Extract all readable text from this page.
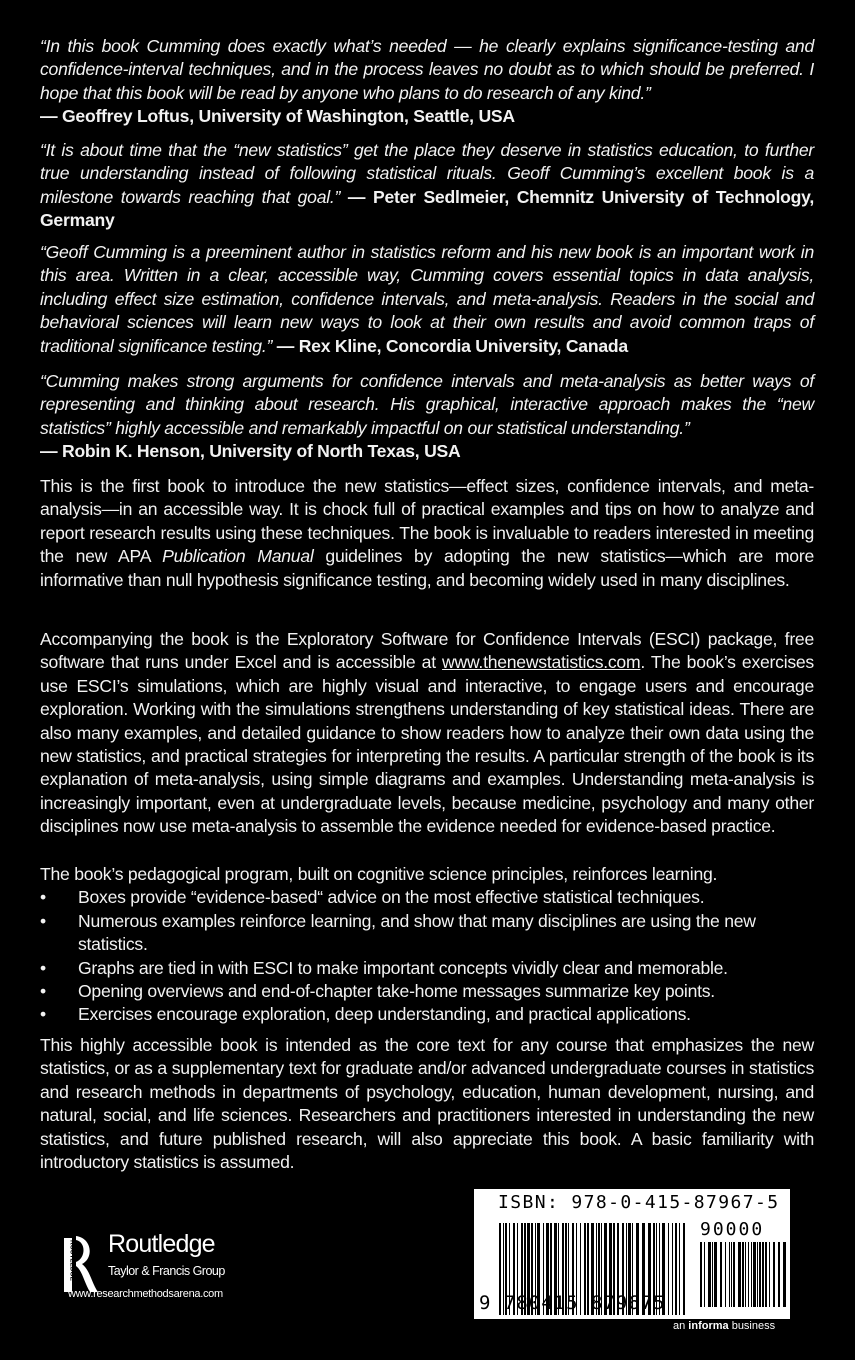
“In this book Cumming does exactly what’s needed — he clearly explains significance-testing and confidence-interval techniques, and in the process leaves no doubt as to which should be preferred. I hope that this book will be read by anyone who plans to do research of any kind.”
— Geoffrey Loftus, University of Washington, Seattle, USA

“It is about time that the “new statistics” get the place they deserve in statistics education, to further true understanding instead of following statistical rituals. Geoff Cumming’s excellent book is a milestone towards reaching that goal.” — Peter Sedlmeier, Chemnitz University of Technology, Germany

“Geoff Cumming is a preeminent author in statistics reform and his new book is an important work in this area. Written in a clear, accessible way, Cumming covers essential topics in data analysis, including effect size estimation, confidence intervals, and meta-analysis. Readers in the social and behavioral sciences will learn new ways to look at their own results and avoid common traps of traditional significance testing.” — Rex Kline, Concordia University, Canada

“Cumming makes strong arguments for confidence intervals and meta-analysis as better ways of representing and thinking about research. His graphical, interactive approach makes the “new statistics” highly accessible and remarkably impactful on our statistical understanding.”
— Robin K. Henson, University of North Texas, USA

This is the first book to introduce the new statistics—effect sizes, confidence intervals, and meta-analysis—in an accessible way. It is chock full of practical examples and tips on how to analyze and report research results using these techniques. The book is invaluable to readers interested in meeting the new APA Publication Manual guidelines by adopting the new statistics—which are more informative than null hypothesis significance testing, and becoming widely used in many disciplines.

Accompanying the book is the Exploratory Software for Confidence Intervals (ESCI) package, free software that runs under Excel and is accessible at www.thenewstatistics.com. The book’s exercises use ESCI’s simulations, which are highly visual and interactive, to engage users and encourage exploration. Working with the simulations strengthens understanding of key statistical ideas. There are also many examples, and detailed guidance to show readers how to analyze their own data using the new statistics, and practical strategies for interpreting the results. A particular strength of the book is its explanation of meta-analysis, using simple diagrams and examples. Understanding meta-analysis is increasingly important, even at undergraduate levels, because medicine, psychology and many other disciplines now use meta-analysis to assemble the evidence needed for evidence-based practice.

The book’s pedagogical program, built on cognitive science principles, reinforces learning.

•	Boxes provide “evidence-based“ advice on the most effective statistical techniques.
•	Numerous examples reinforce learning, and show that many disciplines are using the new statistics.
•	Graphs are tied in with ESCI to make important concepts vividly clear and memorable.
•	Opening overviews and end-of-chapter take-home messages summarize key points.
•	Exercises encourage exploration, deep understanding, and practical applications.

This highly accessible book is intended as the core text for any course that emphasizes the new statistics, or as a supplementary text for graduate and/or advanced undergraduate courses in statistics and research methods in departments of psychology, education, human development, nursing, and natural, social, and life sciences. Researchers and practitioners interested in understanding the new statistics, and future published research, will also appreciate this book. A basic familiarity with introductory statistics is assumed.

ROUTLEDGE Routledge
Taylor & Francis Group
www.researchmethodsarena.com
ISBN: 978-0-415-87967-5
90000
9 780415 879675
an informa business
